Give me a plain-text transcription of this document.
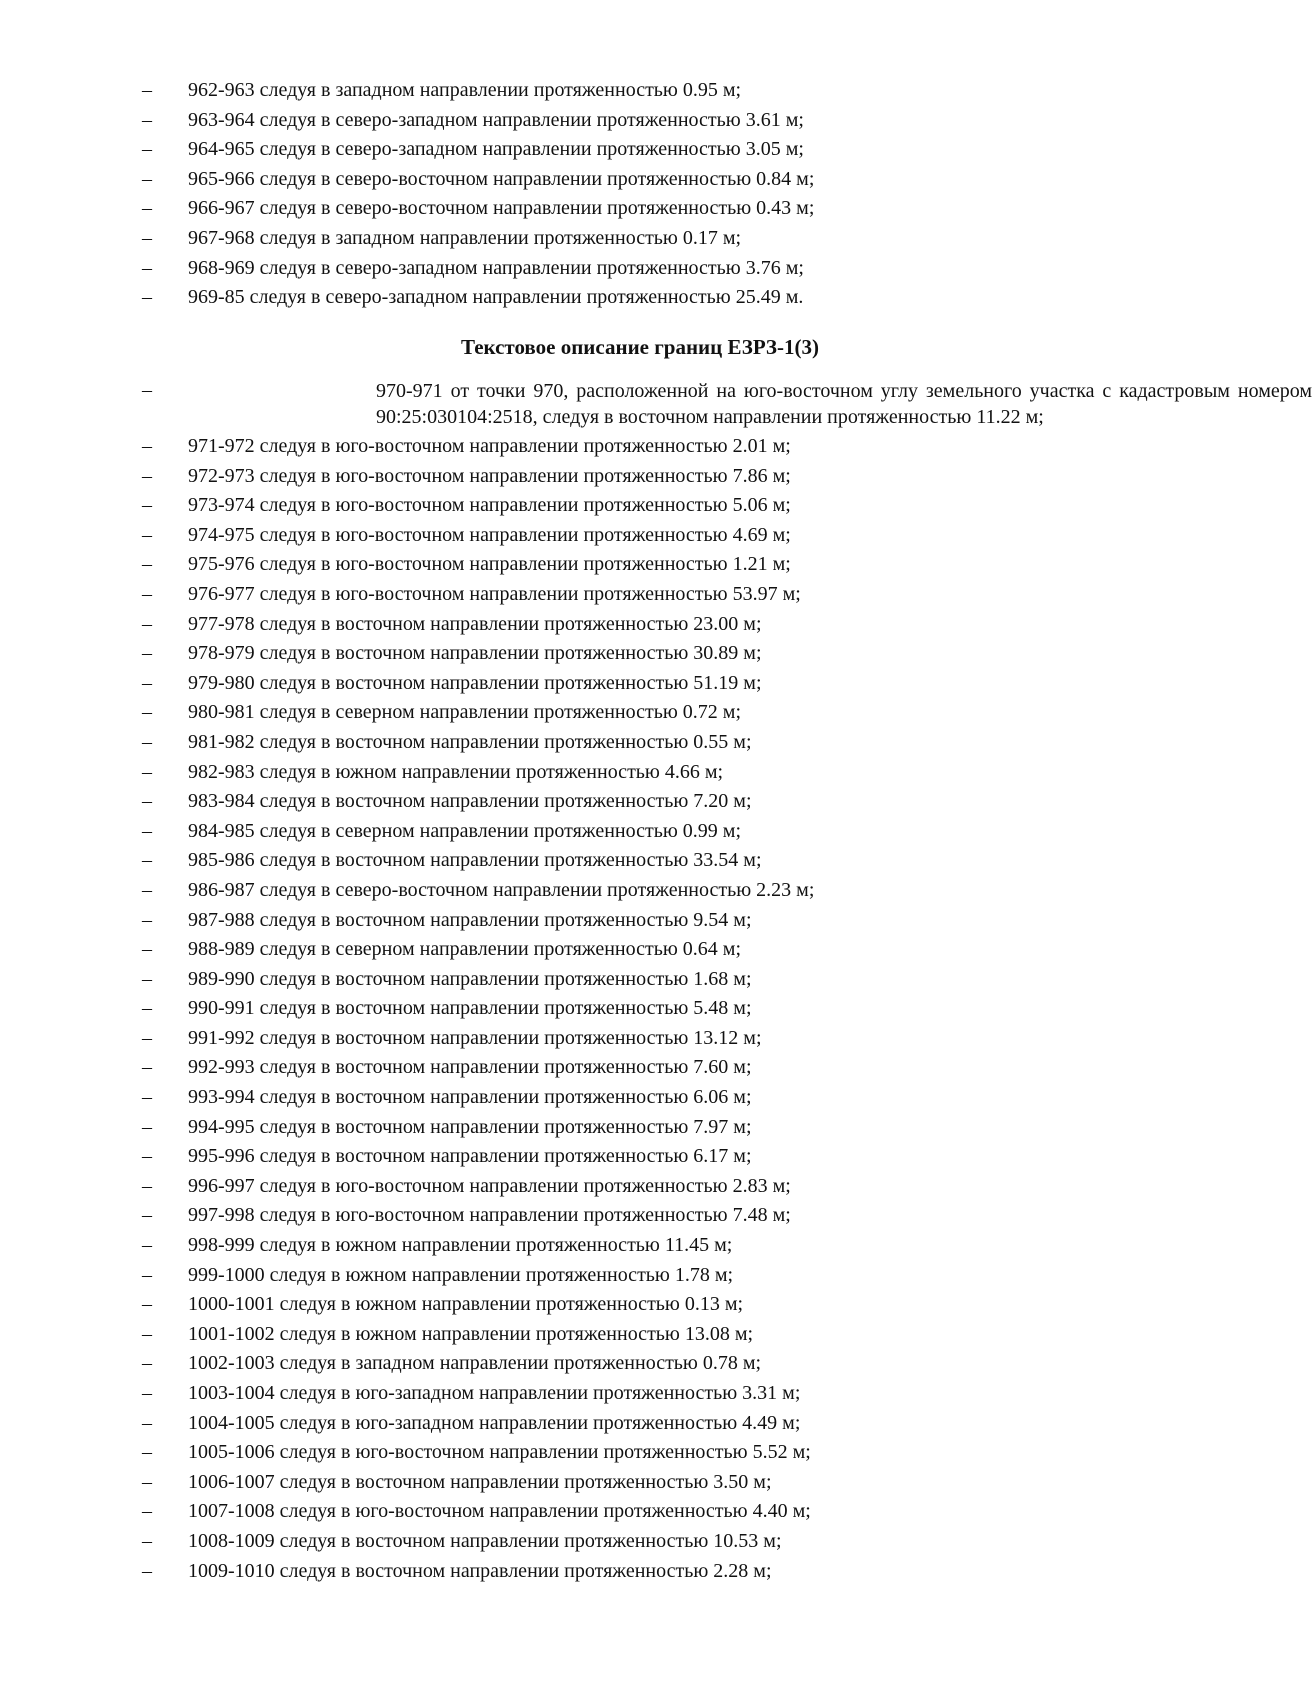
– 962-963 следуя в западном направлении протяженностью 0.95 м;
– 963-964 следуя в северо-западном направлении протяженностью 3.61 м;
– 964-965 следуя в северо-западном направлении протяженностью 3.05 м;
– 965-966 следуя в северо-восточном направлении протяженностью 0.84 м;
– 966-967 следуя в северо-восточном направлении протяженностью 0.43 м;
– 967-968 следуя в западном направлении протяженностью 0.17 м;
– 968-969 следуя в северо-западном направлении протяженностью 3.76 м;
– 969-85 следуя в северо-западном направлении протяженностью 25.49 м.
Текстовое описание границ ЕЗРЗ-1(3)
–	970-971 от точки 970, расположенной на юго-восточном углу земельного участка с кадастровым номером 90:25:030104:2518, следуя в восточном направлении протяженностью 11.22 м;
– 971-972 следуя в юго-восточном направлении протяженностью 2.01 м;
– 972-973 следуя в юго-восточном направлении протяженностью 7.86 м;
– 973-974 следуя в юго-восточном направлении протяженностью 5.06 м;
– 974-975 следуя в юго-восточном направлении протяженностью 4.69 м;
– 975-976 следуя в юго-восточном направлении протяженностью 1.21 м;
– 976-977 следуя в юго-восточном направлении протяженностью 53.97 м;
– 977-978 следуя в восточном направлении протяженностью 23.00 м;
– 978-979 следуя в восточном направлении протяженностью 30.89 м;
– 979-980 следуя в восточном направлении протяженностью 51.19 м;
– 980-981 следуя в северном направлении протяженностью 0.72 м;
– 981-982 следуя в восточном направлении протяженностью 0.55 м;
– 982-983 следуя в южном направлении протяженностью 4.66 м;
– 983-984 следуя в восточном направлении протяженностью 7.20 м;
– 984-985 следуя в северном направлении протяженностью 0.99 м;
– 985-986 следуя в восточном направлении протяженностью 33.54 м;
– 986-987 следуя в северо-восточном направлении протяженностью 2.23 м;
– 987-988 следуя в восточном направлении протяженностью 9.54 м;
– 988-989 следуя в северном направлении протяженностью 0.64 м;
– 989-990 следуя в восточном направлении протяженностью 1.68 м;
– 990-991 следуя в восточном направлении протяженностью 5.48 м;
– 991-992 следуя в восточном направлении протяженностью 13.12 м;
– 992-993 следуя в восточном направлении протяженностью 7.60 м;
– 993-994 следуя в восточном направлении протяженностью 6.06 м;
– 994-995 следуя в восточном направлении протяженностью 7.97 м;
– 995-996 следуя в восточном направлении протяженностью 6.17 м;
– 996-997 следуя в юго-восточном направлении протяженностью 2.83 м;
– 997-998 следуя в юго-восточном направлении протяженностью 7.48 м;
– 998-999 следуя в южном направлении протяженностью 11.45 м;
– 999-1000 следуя в южном направлении протяженностью 1.78 м;
– 1000-1001 следуя в южном направлении протяженностью 0.13 м;
– 1001-1002 следуя в южном направлении протяженностью 13.08 м;
– 1002-1003 следуя в западном направлении протяженностью 0.78 м;
– 1003-1004 следуя в юго-западном направлении протяженностью 3.31 м;
– 1004-1005 следуя в юго-западном направлении протяженностью 4.49 м;
– 1005-1006 следуя в юго-восточном направлении протяженностью 5.52 м;
– 1006-1007 следуя в восточном направлении протяженностью 3.50 м;
– 1007-1008 следуя в юго-восточном направлении протяженностью 4.40 м;
– 1008-1009 следуя в восточном направлении протяженностью 10.53 м;
– 1009-1010 следуя в восточном направлении протяженностью 2.28 м;
